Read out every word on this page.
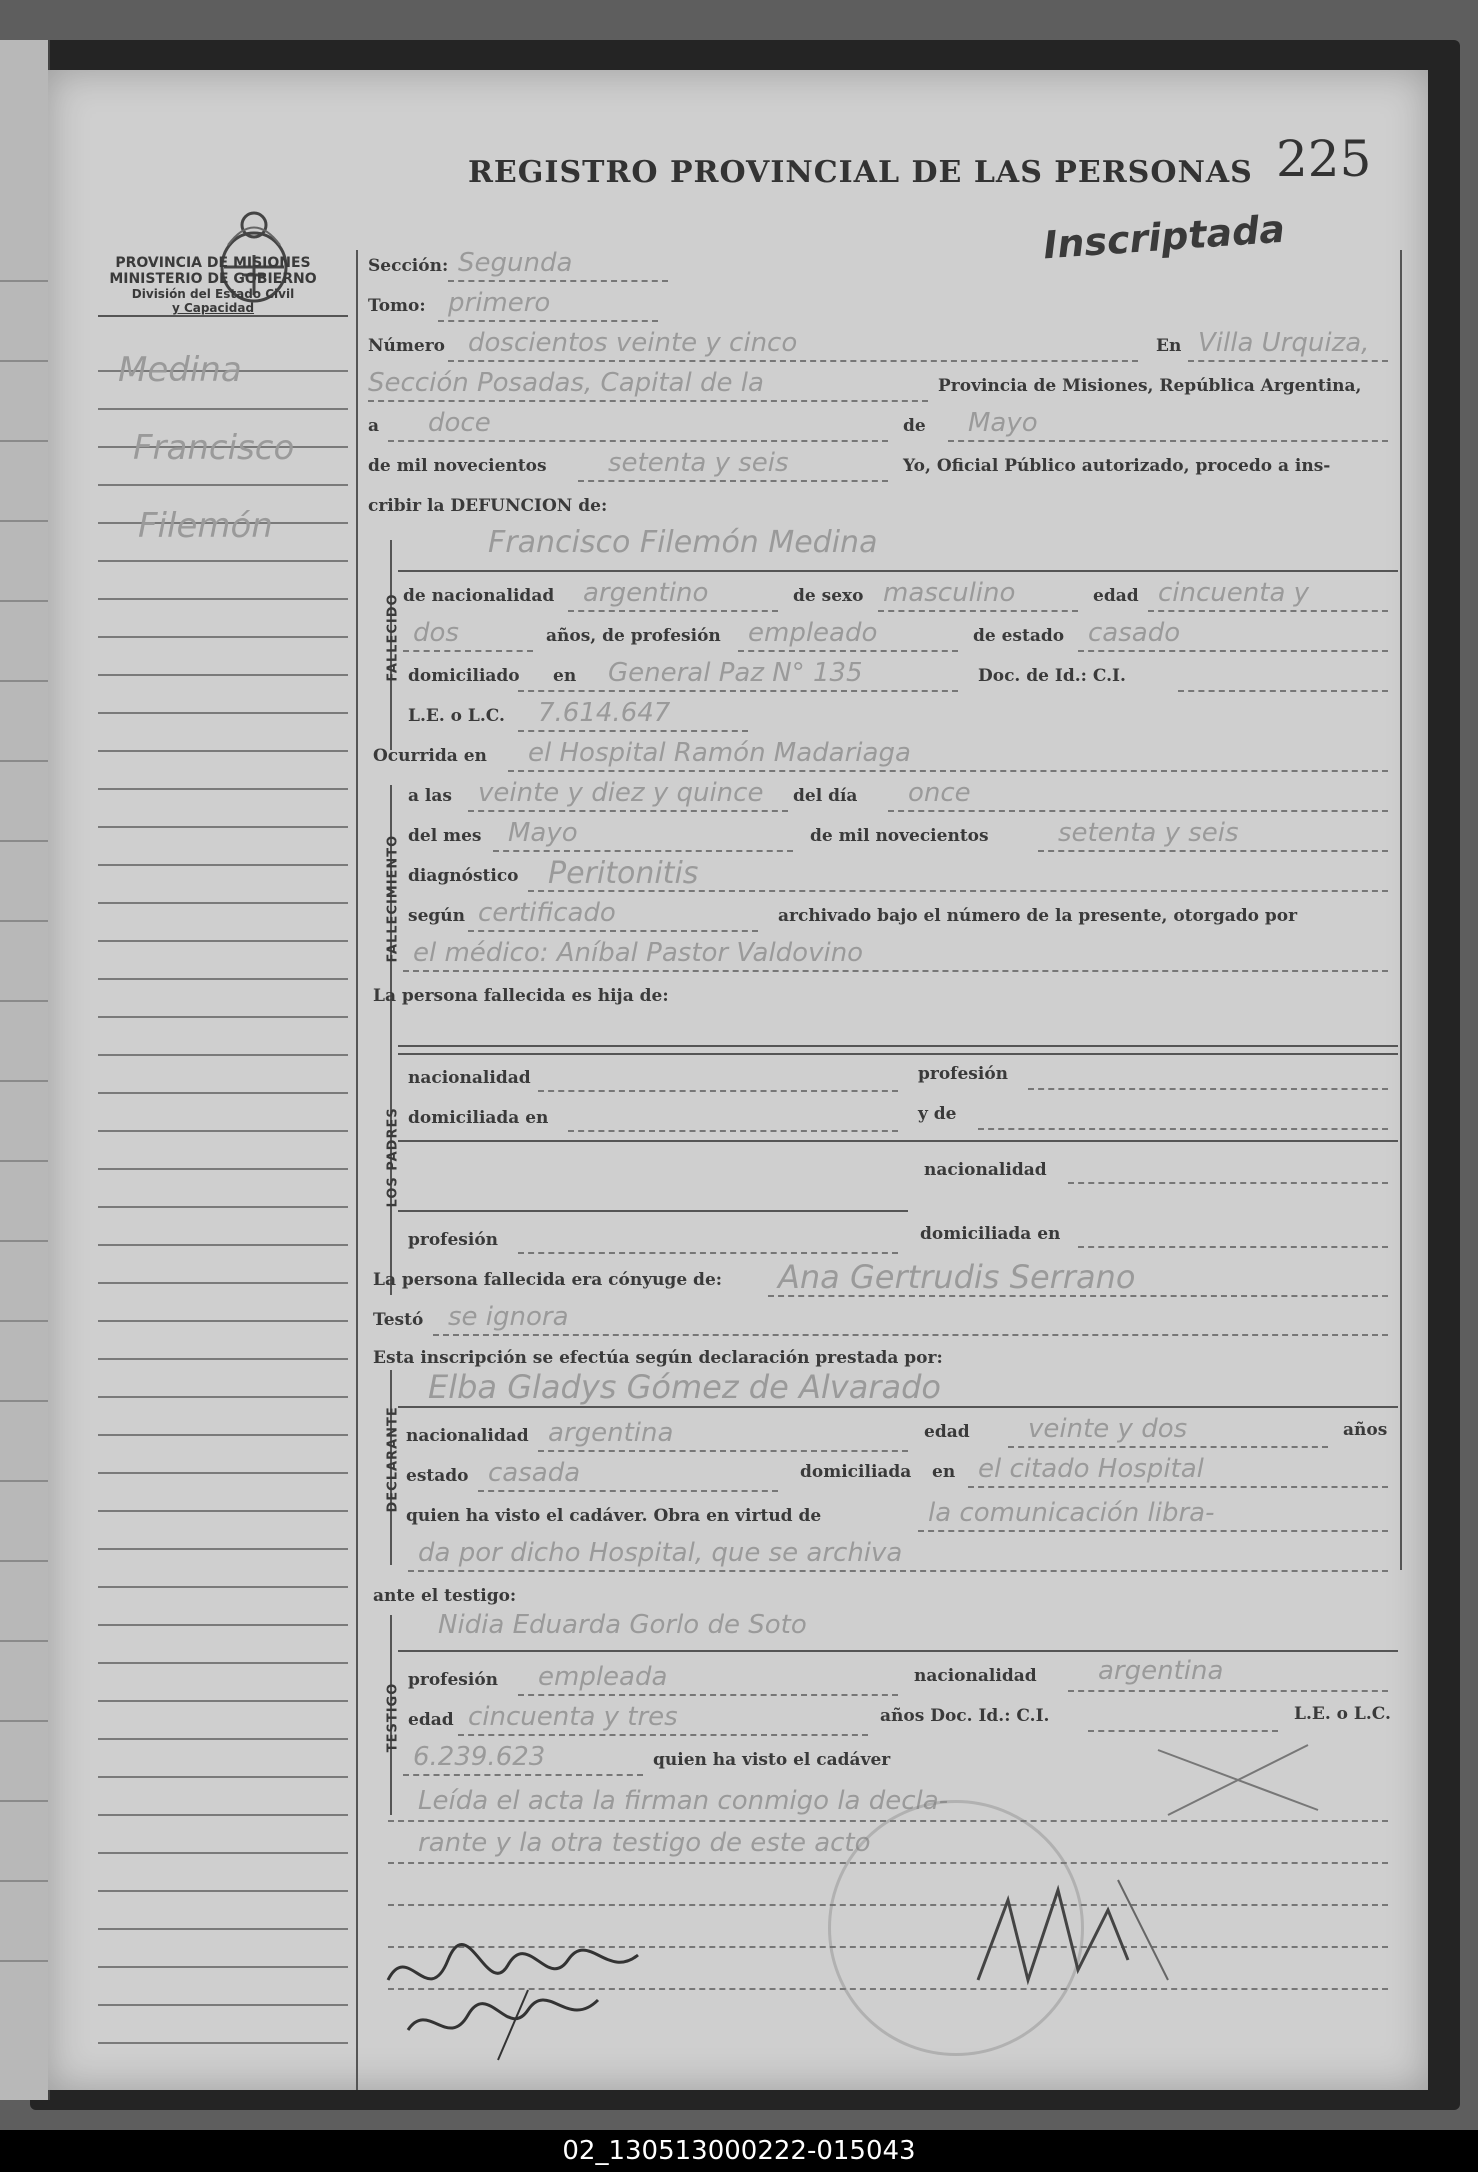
PROVINCIA DE MISIONES
MINISTERIO DE GOBIERNO
División del Estado Civil
y Capacidad
REGISTRO PROVINCIAL DE LAS PERSONAS 225
Inscriptada
Medina
Francisco
Filemón
Sección: Segunda
Tomo: primero
Número doscientos veinte y cinco	En Villa Urquiza,
Sección Posadas, Capital de la	Provincia de Misiones, República Argentina,
a doce	de Mayo
de mil novecientos setenta y seis	Yo, Oficial Público autorizado, procedo a ins-
cribir la DEFUNCION de:
FALLECIDO
Francisco Filemón Medina
de nacionalidad argentino	de sexo masculino	edad cincuenta y
dos	años, de profesión empleado	de estado casado
domiciliado en General Paz N° 135	Doc. de Id.: C.I.
L.E. o L.C. 7.614.647
Ocurrida en el Hospital Ramón Madariaga
FALLECIMIENTO
a las veinte y diez y quince del día once
del mes Mayo	de mil novecientos	setenta y seis
diagnóstico Peritonitis
según certificado	archivado bajo el número de la presente, otorgado por
el médico: Aníbal Pastor Valdovino
La persona fallecida es hija de:
LOS PADRES
nacionalidad	profesión
domiciliada en	y de
nacionalidad
profesión	domiciliada en
La persona fallecida era cónyuge de: Ana Gertrudis Serrano
Testó se ignora
Esta inscripción se efectúa según declaración prestada por:
DECLARANTE
Elba Gladys Gómez de Alvarado
nacionalidad argentina	edad veinte y dos	años
estado casada	domiciliada en el citado Hospital
quien ha visto el cadáver. Obra en virtud de	la comunicación libra-
da por dicho Hospital, que se archiva
ante el testigo:
TESTIGO
Nidia Eduarda Gorlo de Soto
profesión empleada	nacionalidad argentina
edad cincuenta y tres	años Doc. Id.: C.I.	L.E. o L.C.
6.239.623	quien ha visto el cadáver
Leída el acta la firman conmigo la decla-
rante y la otra testigo de este acto
02_130513000222-015043
